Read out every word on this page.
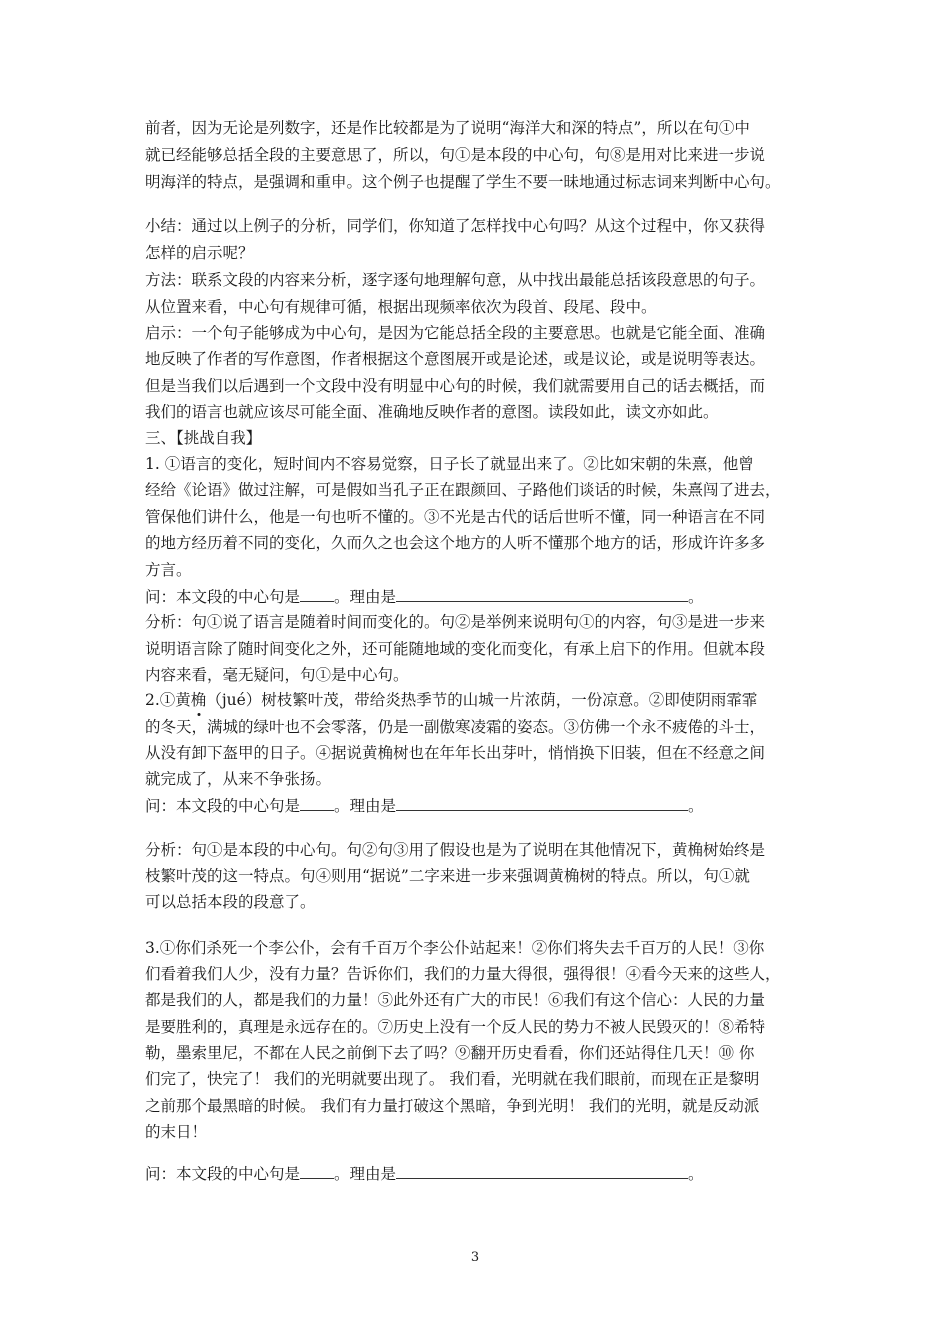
前者，因为无论是列数字，还是作比较都是为了说明“海洋大和深的特点”，所以在句①中
就已经能够总括全段的主要意思了，所以，句①是本段的中心句，句⑧是用对比来进一步说
明海洋的特点，是强调和重申。这个例子也提醒了学生不要一昧地通过标志词来判断中心句。
小结：通过以上例子的分析，同学们，你知道了怎样找中心句吗？从这个过程中，你又获得
怎样的启示呢？
方法：联系文段的内容来分析，逐字逐句地理解句意，从中找出最能总括该段意思的句子。
从位置来看，中心句有规律可循，根据出现频率依次为段首、段尾、段中。
启示：一个句子能够成为中心句，是因为它能总括全段的主要意思。也就是它能全面、准确
地反映了作者的写作意图，作者根据这个意图展开或是论述，或是议论，或是说明等表达。
但是当我们以后遇到一个文段中没有明显中心句的时候，我们就需要用自己的话去概括，而
我们的语言也就应该尽可能全面、准确地反映作者的意图。读段如此，读文亦如此。
三、【挑战自我】
1. ①语言的变化，短时间内不容易觉察，日子长了就显出来了。②比如宋朝的朱熹，他曾
经给《论语》做过注解，可是假如当孔子正在跟颜回、子路他们谈话的时候，朱熹闯了进去，
管保他们讲什么，他是一句也听不懂的。③不光是古代的话后世听不懂，同一种语言在不同
的地方经历着不同的变化，久而久之也会这个地方的人听不懂那个地方的话，形成许许多多
方言。
问：本文段的中心句是 。理由是	。
分析：句①说了语言是随着时间而变化的。句②是举例来说明句①的内容，句③是进一步来
说明语言除了随时间变化之外，还可能随地域的变化而变化，有承上启下的作用。但就本段
内容来看，毫无疑问，句①是中心句。
2.①黄桷
（jué）树枝繁叶茂，带给炎热季节的山城一片浓荫，一份凉意。②即使阴雨霏霏
的冬天，满城的绿叶也不会零落，仍是一副傲寒凌霜的姿态。③仿佛一个永不疲倦的斗士，
从没有卸下盔甲的日子。④据说黄桷树也在年年长出芽叶，悄悄换下旧装，但在不经意之间
就完成了，从来不争张扬。
问：本文段的中心句是 。理由是	。
分析：句①是本段的中心句。句②句③用了假设也是为了说明在其他情况下，黄桷树始终是
枝繁叶茂的这一特点。句④则用“据说”二字来进一步来强调黄桷树的特点。所以，句①就
可以总括本段的段意了。
3.①你们杀死一个李公仆，会有千百万个李公仆站起来！②你们将失去千百万的人民！③你
们看着我们人少，没有力量？告诉你们，我们的力量大得很，强得很！④看今天来的这些人，
都是我们的人，都是我们的力量！⑤此外还有广大的市民！⑥我们有这个信心：人民的力量
是要胜利的，真理是永远存在的。⑦历史上没有一个反人民的势力不被人民毁灭的！⑧希特
勒，墨索里尼，不都在人民之前倒下去了吗？⑨翻开历史看看，你们还站得住几天！⑩ 你
们完了，快完了！ 我们的光明就要出现了。 我们看，光明就在我们眼前，而现在正是黎明
之前那个最黑暗的时候。 我们有力量打破这个黑暗，争到光明！ 我们的光明，就是反动派
的末日！
问：本文段的中心句是 。理由是	。
3
